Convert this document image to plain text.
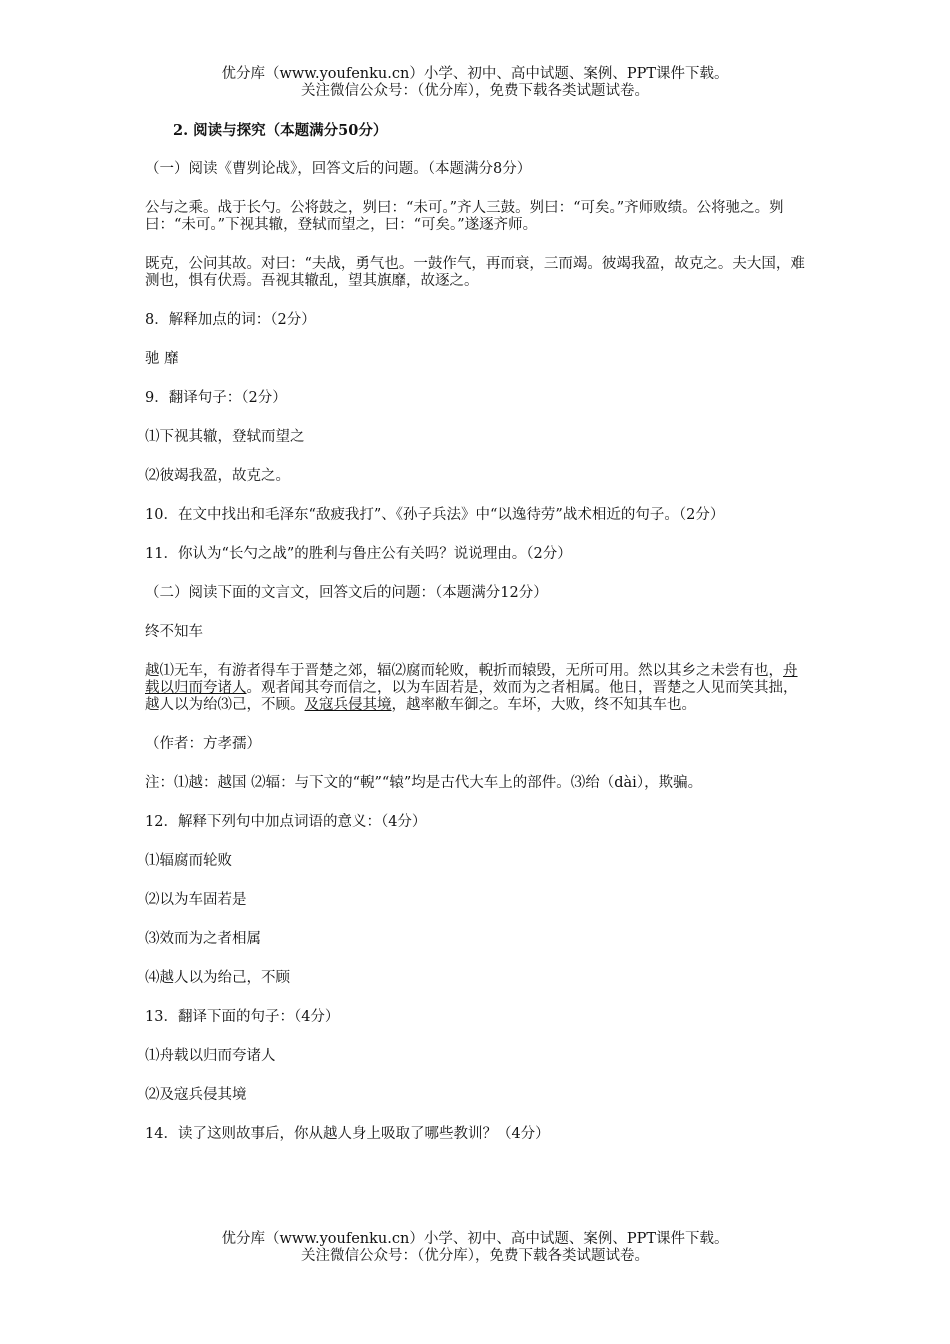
优分库（www.youfenku.cn）小学、初中、高中试题、案例、PPT课件下载。
关注微信公众号：（优分库），免费下载各类试题试卷。

2. 阅读与探究（本题满分50分）

（一）阅读《曹刿论战》，回答文后的问题。（本题满分8分）

公与之乘。战于长勺。公将鼓之，刿曰：“未可。”齐人三鼓。刿曰：“可矣。”齐师败绩。公将驰之。刿曰：“未可。”下视其辙，登轼而望之，曰：“可矣。”遂逐齐师。

既克，公问其故。对曰：“夫战，勇气也。一鼓作气，再而衰，三而竭。彼竭我盈，故克之。夫大国，难测也，惧有伏焉。吾视其辙乱，望其旗靡，故逐之。

8．解释加点的词：（2分）

驰 靡

9．翻译句子：（2分）

⑴下视其辙，登轼而望之

⑵彼竭我盈，故克之。

10．在文中找出和毛泽东“敌疲我打”、《孙子兵法》中“以逸待劳”战术相近的句子。（2分）

11．你认为“长勺之战”的胜利与鲁庄公有关吗？说说理由。（2分）

（二）阅读下面的文言文，回答文后的问题：（本题满分12分）

终不知车

越⑴无车，有游者得车于晋楚之郊，辐⑵腐而轮败，輗折而辕毁，无所可用。然以其乡之未尝有也，舟载以归而夸诸人。观者闻其夸而信之，以为车固若是，效而为之者相属。他日，晋楚之人见而笑其拙，越人以为绐⑶己，不顾。及寇兵侵其境，越率敝车御之。车坏，大败，终不知其车也。

（作者：方孝孺）

注：⑴越：越国 ⑵辐：与下文的“輗”“辕”均是古代大车上的部件。⑶绐（dài），欺骗。

12．解释下列句中加点词语的意义：（4分）

⑴辐腐而轮败

⑵以为车固若是

⑶效而为之者相属

⑷越人以为绐己，不顾

13．翻译下面的句子：（4分）

⑴舟载以归而夸诸人

⑵及寇兵侵其境

14．读了这则故事后，你从越人身上吸取了哪些教训？（4分）

优分库（www.youfenku.cn）小学、初中、高中试题、案例、PPT课件下载。
关注微信公众号：（优分库），免费下载各类试题试卷。
